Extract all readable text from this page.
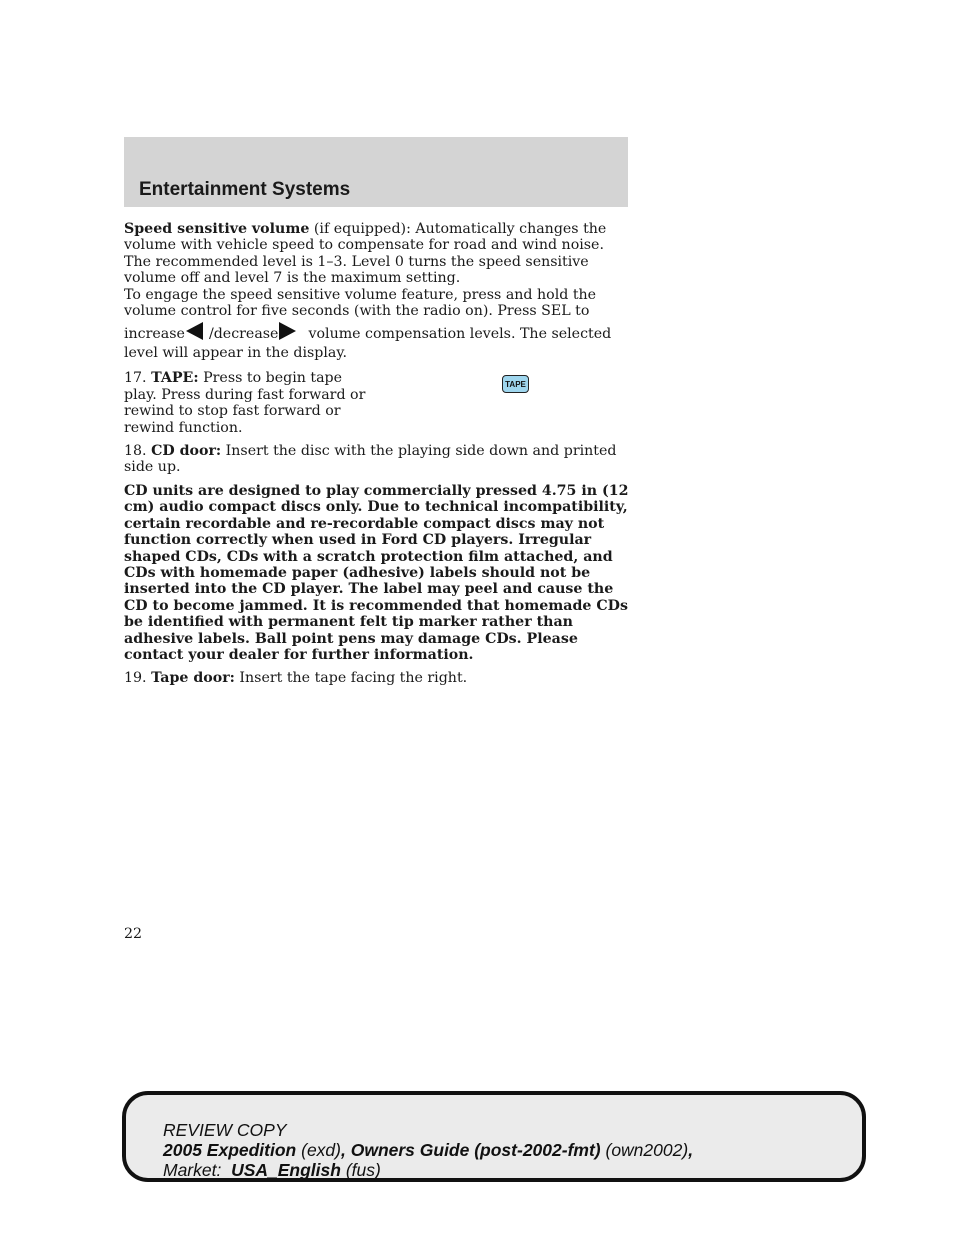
Entertainment Systems

Speed sensitive volume (if equipped): Automatically changes the volume with vehicle speed to compensate for road and wind noise. The recommended level is 1–3. Level 0 turns the speed sensitive volume off and level 7 is the maximum setting.

To engage the speed sensitive volume feature, press and hold the volume control for five seconds (with the radio on). Press SEL to

increase /decrease volume compensation levels. The selected level will appear in the display.

17. TAPE: Press to begin tape play. Press during fast forward or rewind to stop fast forward or rewind function.

TAPE

18. CD door: Insert the disc with the playing side down and printed side up.

CD units are designed to play commercially pressed 4.75 in (12 cm) audio compact discs only. Due to technical incompatibility, certain recordable and re-recordable compact discs may not function correctly when used in Ford CD players. Irregular shaped CDs, CDs with a scratch protection film attached, and CDs with homemade paper (adhesive) labels should not be inserted into the CD player. The label may peel and cause the CD to become jammed. It is recommended that homemade CDs be identified with permanent felt tip marker rather than adhesive labels. Ball point pens may damage CDs. Please contact your dealer for further information.

19. Tape door: Insert the tape facing the right.

22
REVIEW COPY
2005 Expedition (exd), Owners Guide (post-2002-fmt) (own2002),
Market:  USA_English (fus)
